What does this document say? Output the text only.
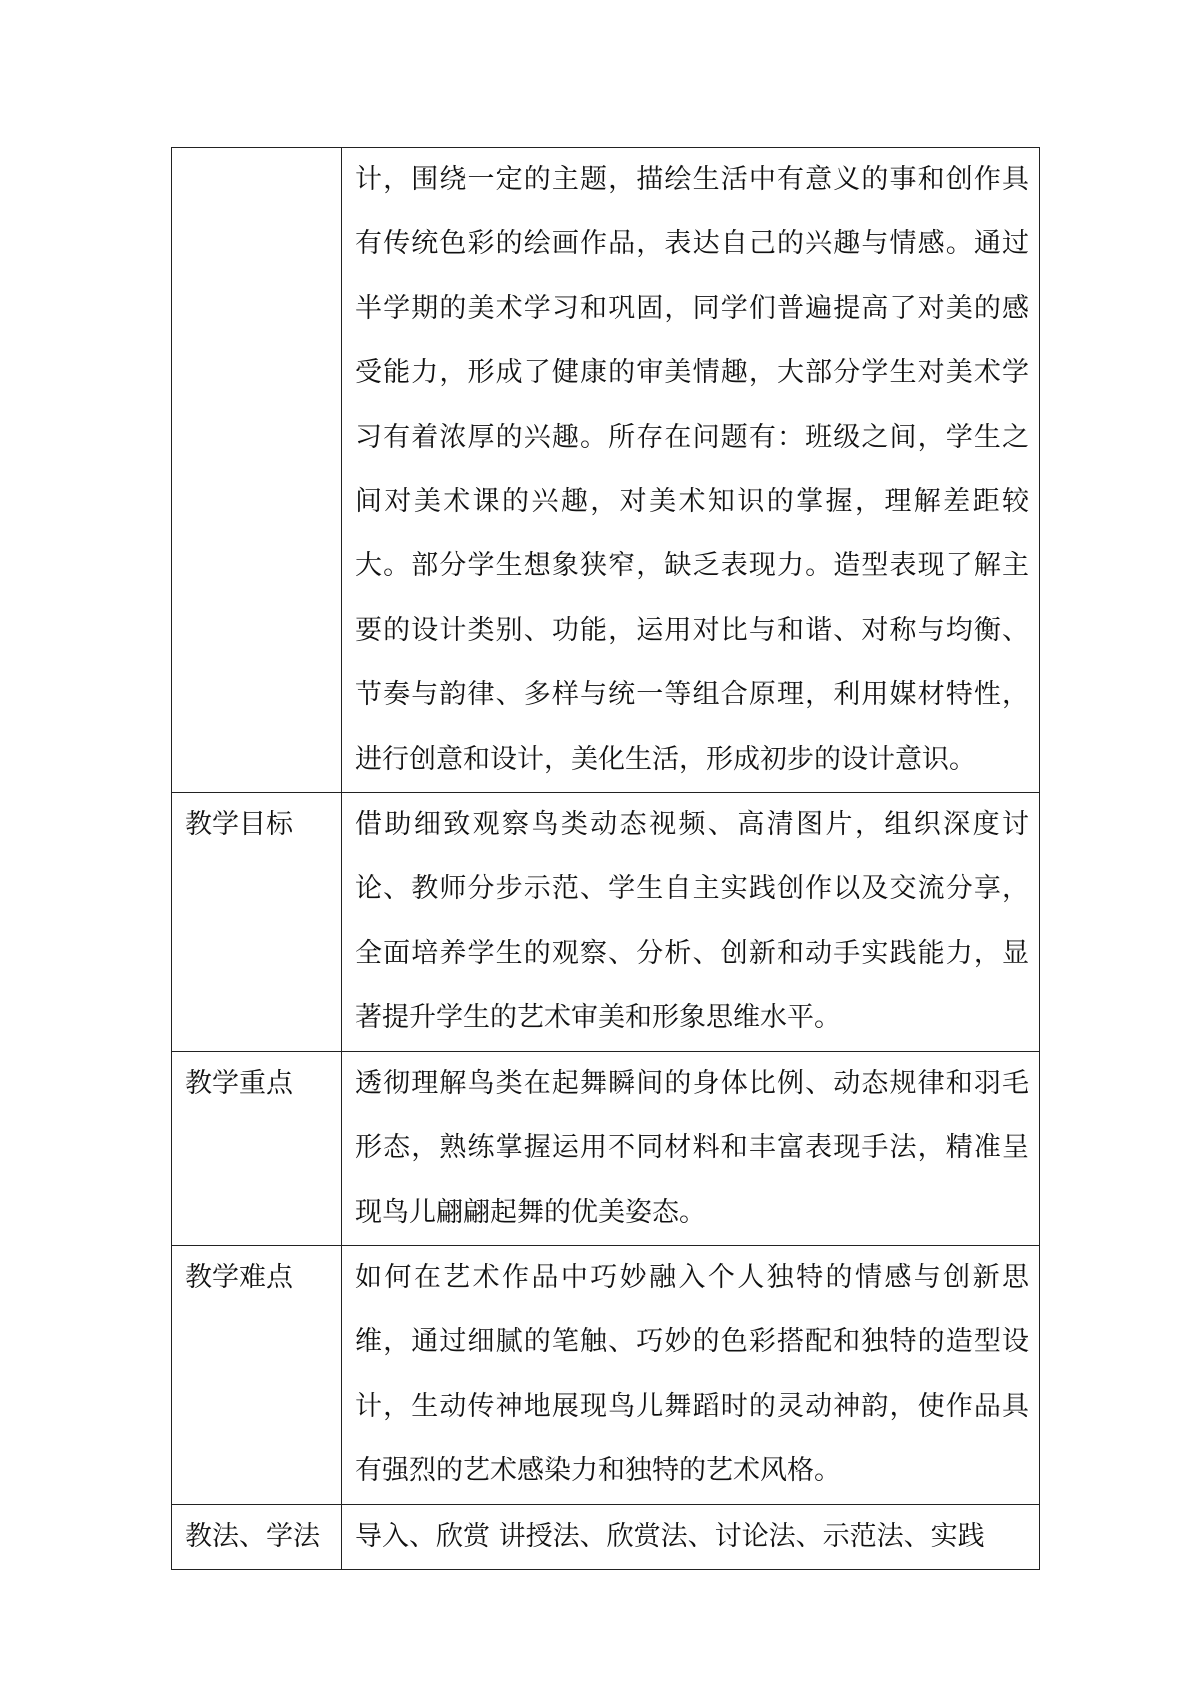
	计，围绕一定的主题，描绘生活中有意义的事和创作具有传统色彩的绘画作品，表达自己的兴趣与情感。通过半学期的美术学习和巩固，同学们普遍提高了对美的感受能力，形成了健康的审美情趣，大部分学生对美术学习有着浓厚的兴趣。所存在问题有：班级之间，学生之间对美术课的兴趣，对美术知识的掌握，理解差距较大。部分学生想象狭窄，缺乏表现力。造型表现了解主要的设计类别、功能，运用对比与和谐、对称与均衡、节奏与韵律、多样与统一等组合原理，利用媒材特性，进行创意和设计，美化生活，形成初步的设计意识。
教学目标	借助细致观察鸟类动态视频、高清图片，组织深度讨论、教师分步示范、学生自主实践创作以及交流分享，全面培养学生的观察、分析、创新和动手实践能力，显著提升学生的艺术审美和形象思维水平。
教学重点	透彻理解鸟类在起舞瞬间的身体比例、动态规律和羽毛形态，熟练掌握运用不同材料和丰富表现手法，精准呈现鸟儿翩翩起舞的优美姿态。
教学难点	如何在艺术作品中巧妙融入个人独特的情感与创新思维，通过细腻的笔触、巧妙的色彩搭配和独特的造型设计，生动传神地展现鸟儿舞蹈时的灵动神韵，使作品具有强烈的艺术感染力和独特的艺术风格。
教法、学法	导入、欣赏 讲授法、欣赏法、讨论法、示范法、实践
